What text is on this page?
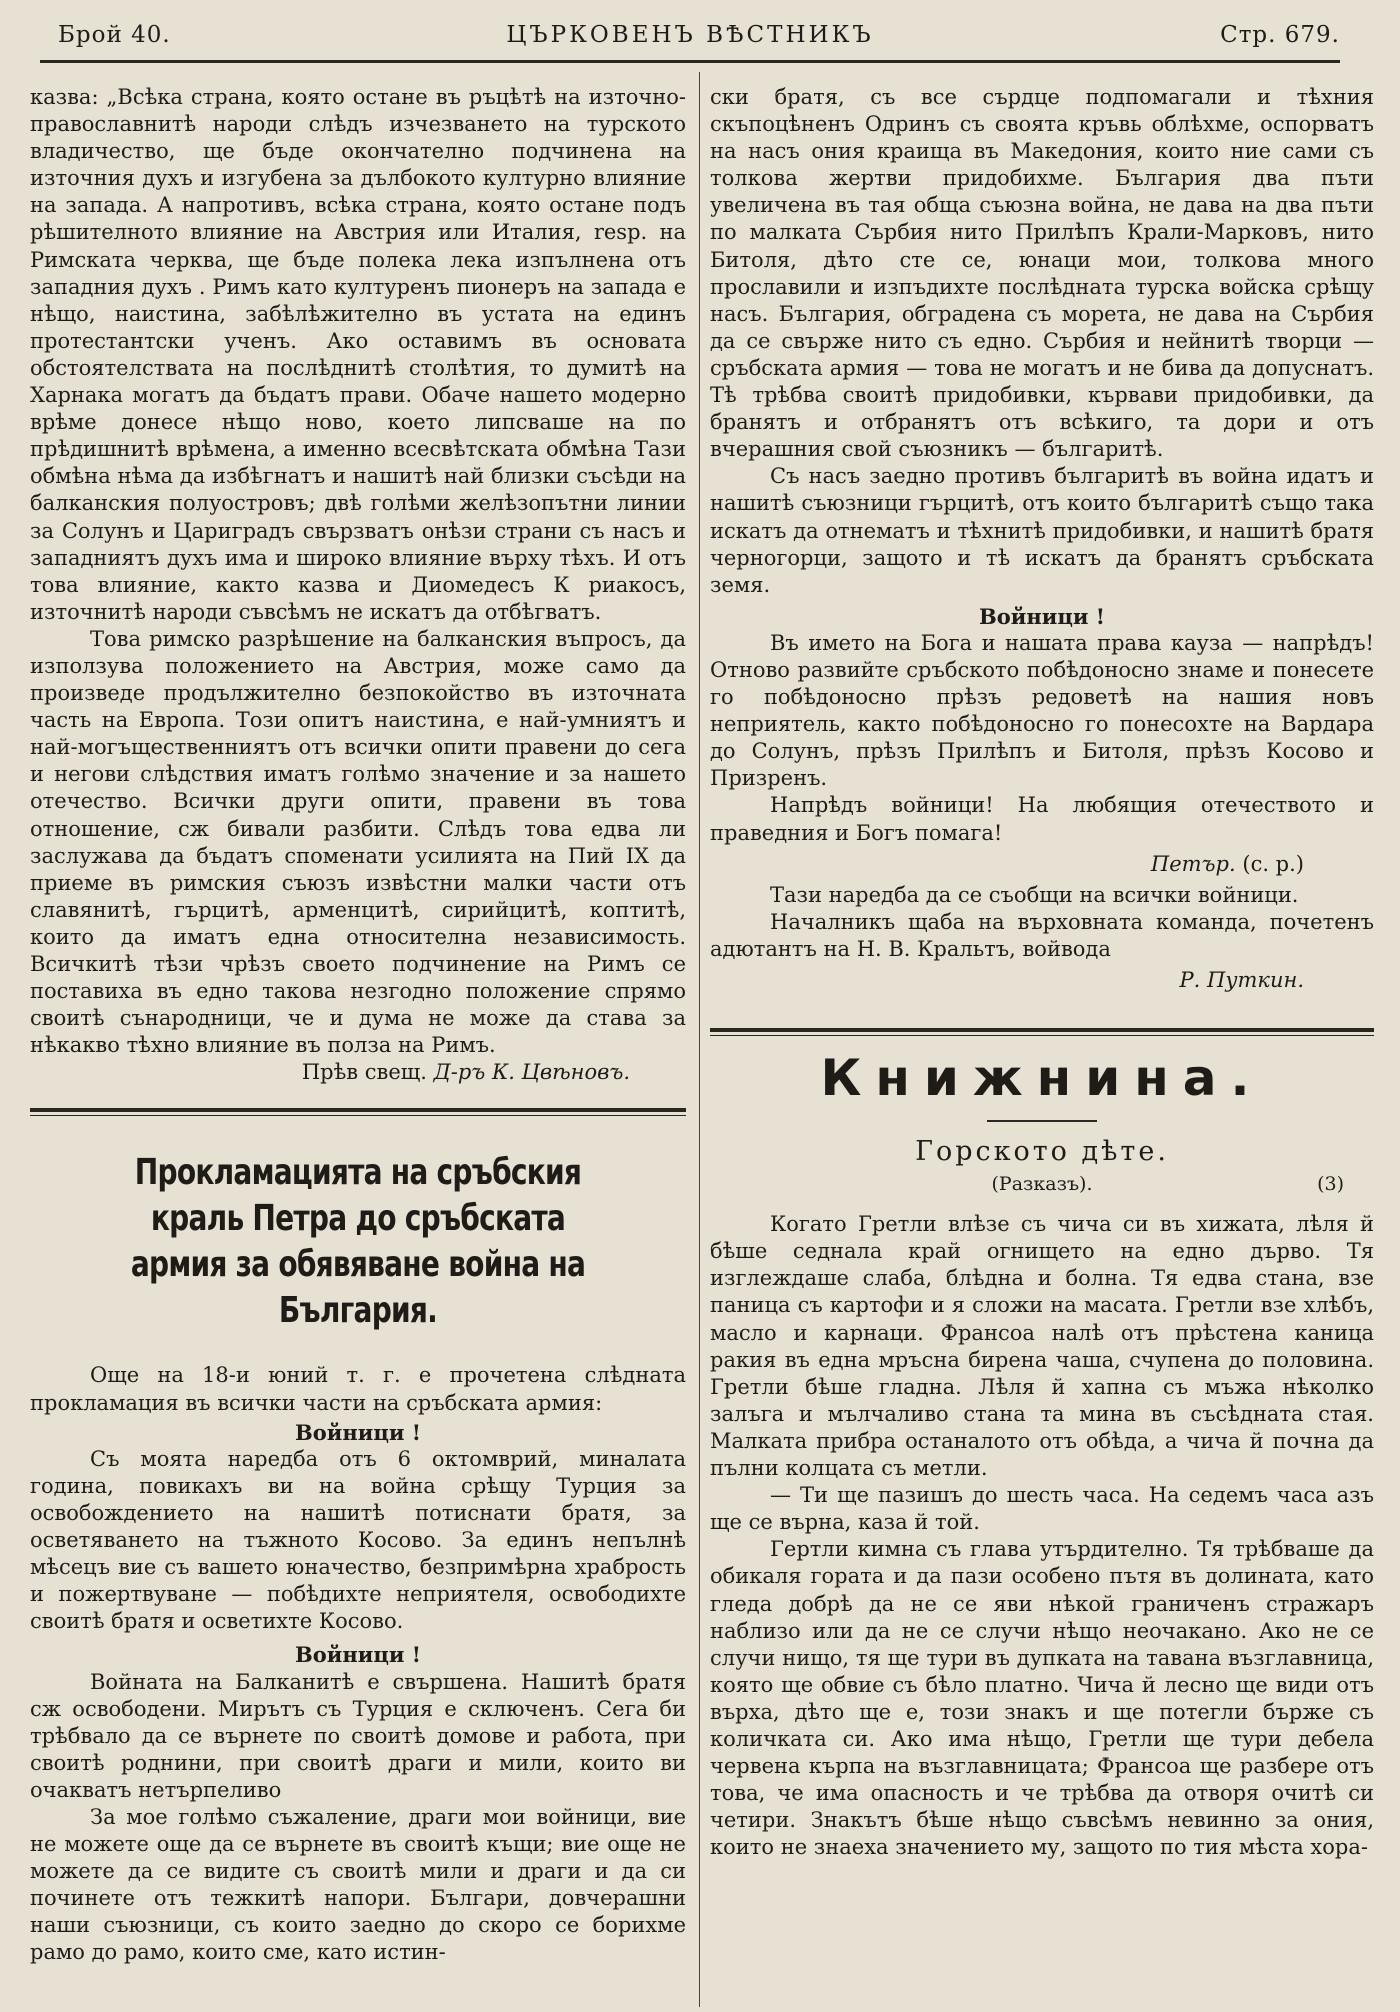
Брой 40.	ЦЪРКОВЕНЪ ВѢСТНИКЪ	Стр. 679.

казва: „Всѣка страна, която остане въ ръцѣтѣ на източно-православнитѣ народи слѣдъ изчезването на турското владичество, ще бъде окончателно подчинена на източния духъ и изгубена за дълбокото културно влияние на запада. А напротивъ, всѣка страна, която остане подъ рѣшителното влияние на Австрия или Италия, resp. на Римската черква, ще бъде полека лека изпълнена отъ западния духъ . Римъ като културенъ пионеръ на запада е нѣщо, наистина, забѣлѣжително въ устата на единъ протестантски ученъ. Ако оставимъ въ основата обстоятелствата на послѣднитѣ столѣтия, то думитѣ на Харнака могатъ да бъдатъ прави. Обаче нашето модерно врѣме донесе нѣщо ново, което липсваше на по прѣдишнитѣ врѣмена, а именно всесвѣтската обмѣна Тази обмѣна нѣма да избѣгнатъ и нашитѣ най близки съсѣди на балканския полуостровъ; двѣ голѣми желѣзопътни линии за Солунъ и Цариградъ свързватъ онѣзи страни съ насъ и западниятъ духъ има и широко влияние върху тѣхъ. И отъ това влияние, както казва и Диомедесъ К риакосъ, източнитѣ народи съвсѣмъ не искатъ да отбѣгватъ.

Това римско разрѣшение на балканския въпросъ, да използува положението на Австрия, може само да произведе продължително безпокойство въ източната часть на Европа. Този опитъ наистина, е най-умниятъ и най-могъщественниятъ отъ всички опити правени до сега и негови слѣдствия иматъ голѣмо значение и за нашето отечество. Всички други опити, правени въ това отношение, сж бивали разбити. Слѣдъ това едва ли заслужава да бъдатъ споменати усилията на Пий IX да приеме въ римския съюзъ извѣстни малки части отъ славянитѣ, гърцитѣ, арменцитѣ, сирийцитѣ, коптитѣ, които да иматъ една относителна независимость. Всичкитѣ тѣзи чрѣзъ своето подчинение на Римъ се поставиха въ едно такова незгодно положение спрямо своитѣ сънародници, че и дума не може да става за нѣкакво тѣхно влияние въ полза на Римъ.

Прѣв свещ. Д-ръ К. Цвѣновъ.

Прокламацията на сръбския краль Петра до сръбската армия за обявяване война на България.

Още на 18-и юний т. г. е прочетена слѣдната прокламация въ всички части на сръбската армия:

Войници !

Съ моята наредба отъ 6 октомврий, миналата година, повикахъ ви на война срѣщу Турция за освобождението на нашитѣ потиснати братя, за осветяването на тъжното Косово. За единъ непълнѣ мѣсецъ вие съ вашето юначество, безпримѣрна храбрость и пожертвуване — побѣдихте неприятеля, освободихте своитѣ братя и осветихте Косово.

Войници !

Войната на Балканитѣ е свършена. Нашитѣ братя сж освободени. Мирътъ съ Турция е сключенъ. Сега би трѣбвало да се върнете по своитѣ домове и работа, при своитѣ роднини, при своитѣ драги и мили, които ви очакватъ нетърпеливо

За мое голѣмо съжаление, драги мои войници, вие не можете още да се върнете въ своитѣ къщи; вие още не можете да се видите съ своитѣ мили и драги и да си починете отъ тежкитѣ напори. Българи, довчерашни наши съюзници, съ които заедно до скоро се борихме рамо до рамо, които сме, като истин-

ски братя, съ все сърдце подпомагали и тѣхния скъпоцѣненъ Одринъ съ своята кръвь облѣхме, оспорватъ на насъ ония краища въ Македония, които ние сами съ толкова жертви придобихме. България два пъти увеличена въ тая обща съюзна война, не дава на два пъти по малката Сърбия нито Прилѣпъ Крали-Марковъ, нито Битоля, дѣто сте се, юнаци мои, толкова много прославили и изпъдихте послѣдната турска войска срѣщу насъ. България, обградена съ морета, не дава на Сърбия да се свърже нито съ едно. Сърбия и нейнитѣ творци — сръбската армия — това не могатъ и не бива да допуснатъ. Тѣ трѣбва своитѣ придобивки, кървави придобивки, да бранятъ и отбранятъ отъ всѣкиго, та дори и отъ вчерашния свой съюзникъ — българитѣ.

Съ насъ заедно противъ българитѣ въ война идатъ и нашитѣ съюзници гърцитѣ, отъ които българитѣ също така искатъ да отнематъ и тѣхнитѣ придобивки, и нашитѣ братя черногорци, защото и тѣ искатъ да бранятъ сръбската земя.

Войници !

Въ името на Бога и нашата права кауза — напрѣдъ! Отново развийте сръбското побѣдоносно знаме и понесете го побѣдоносно прѣзъ редоветѣ на нашия новъ неприятель, както побѣдоносно го понесохте на Вардара до Солунъ, прѣзъ Прилѣпъ и Битоля, прѣзъ Косово и Призренъ.

Напрѣдъ войници! На любящия отечеството и праведния и Богъ помага!

Петър. (с. р.)

Тази наредба да се съобщи на всички войници.

Началникъ щаба на върховната команда, почетенъ адютантъ на Н. В. Кральтъ, войвода

Р. Путкин.

Книжнина.
Горското дѣте.
(Разказъ).	(3)

Когато Гретли влѣзе съ чича си въ хижата, лѣля й бѣше седнала край огнището на едно дърво. Тя изглеждаше слаба, блѣдна и болна. Тя едва стана, взе паница съ картофи и я сложи на масата. Гретли взе хлѣбъ, масло и карнаци. Франсоа налѣ отъ прѣстена каница ракия въ една мръсна бирена чаша, счупена до половина. Гретли бѣше гладна. Лѣля й хапна съ мъжа нѣколко залъга и мълчаливо стана та мина въ съсѣдната стая. Малката прибра останалото отъ обѣда, а чича й почна да пълни колцата съ метли.

— Ти ще пазишъ до шесть часа. На седемъ часа азъ ще се върна, каза й той.

Гертли кимна съ глава утърдително. Тя трѣбваше да обикаля гората и да пази особено пътя въ долината, като гледа добрѣ да не се яви нѣкой граниченъ стражаръ наблизо или да не се случи нѣщо неочакано. Ако не се случи нищо, тя ще тури въ дупката на тавана възглавница, която ще обвие съ бѣло платно. Чича й лесно ще види отъ върха, дѣто ще е, този знакъ и ще потегли бърже съ количката си. Ако има нѣщо, Гретли ще тури дебела червена кърпа на възглавницата; Франсоа ще разбере отъ това, че има опасность и че трѣбва да отворя очитѣ си четири. Знакътъ бѣше нѣщо съвсѣмъ невинно за ония, които не знаеха значението му, защото по тия мѣста хора-
